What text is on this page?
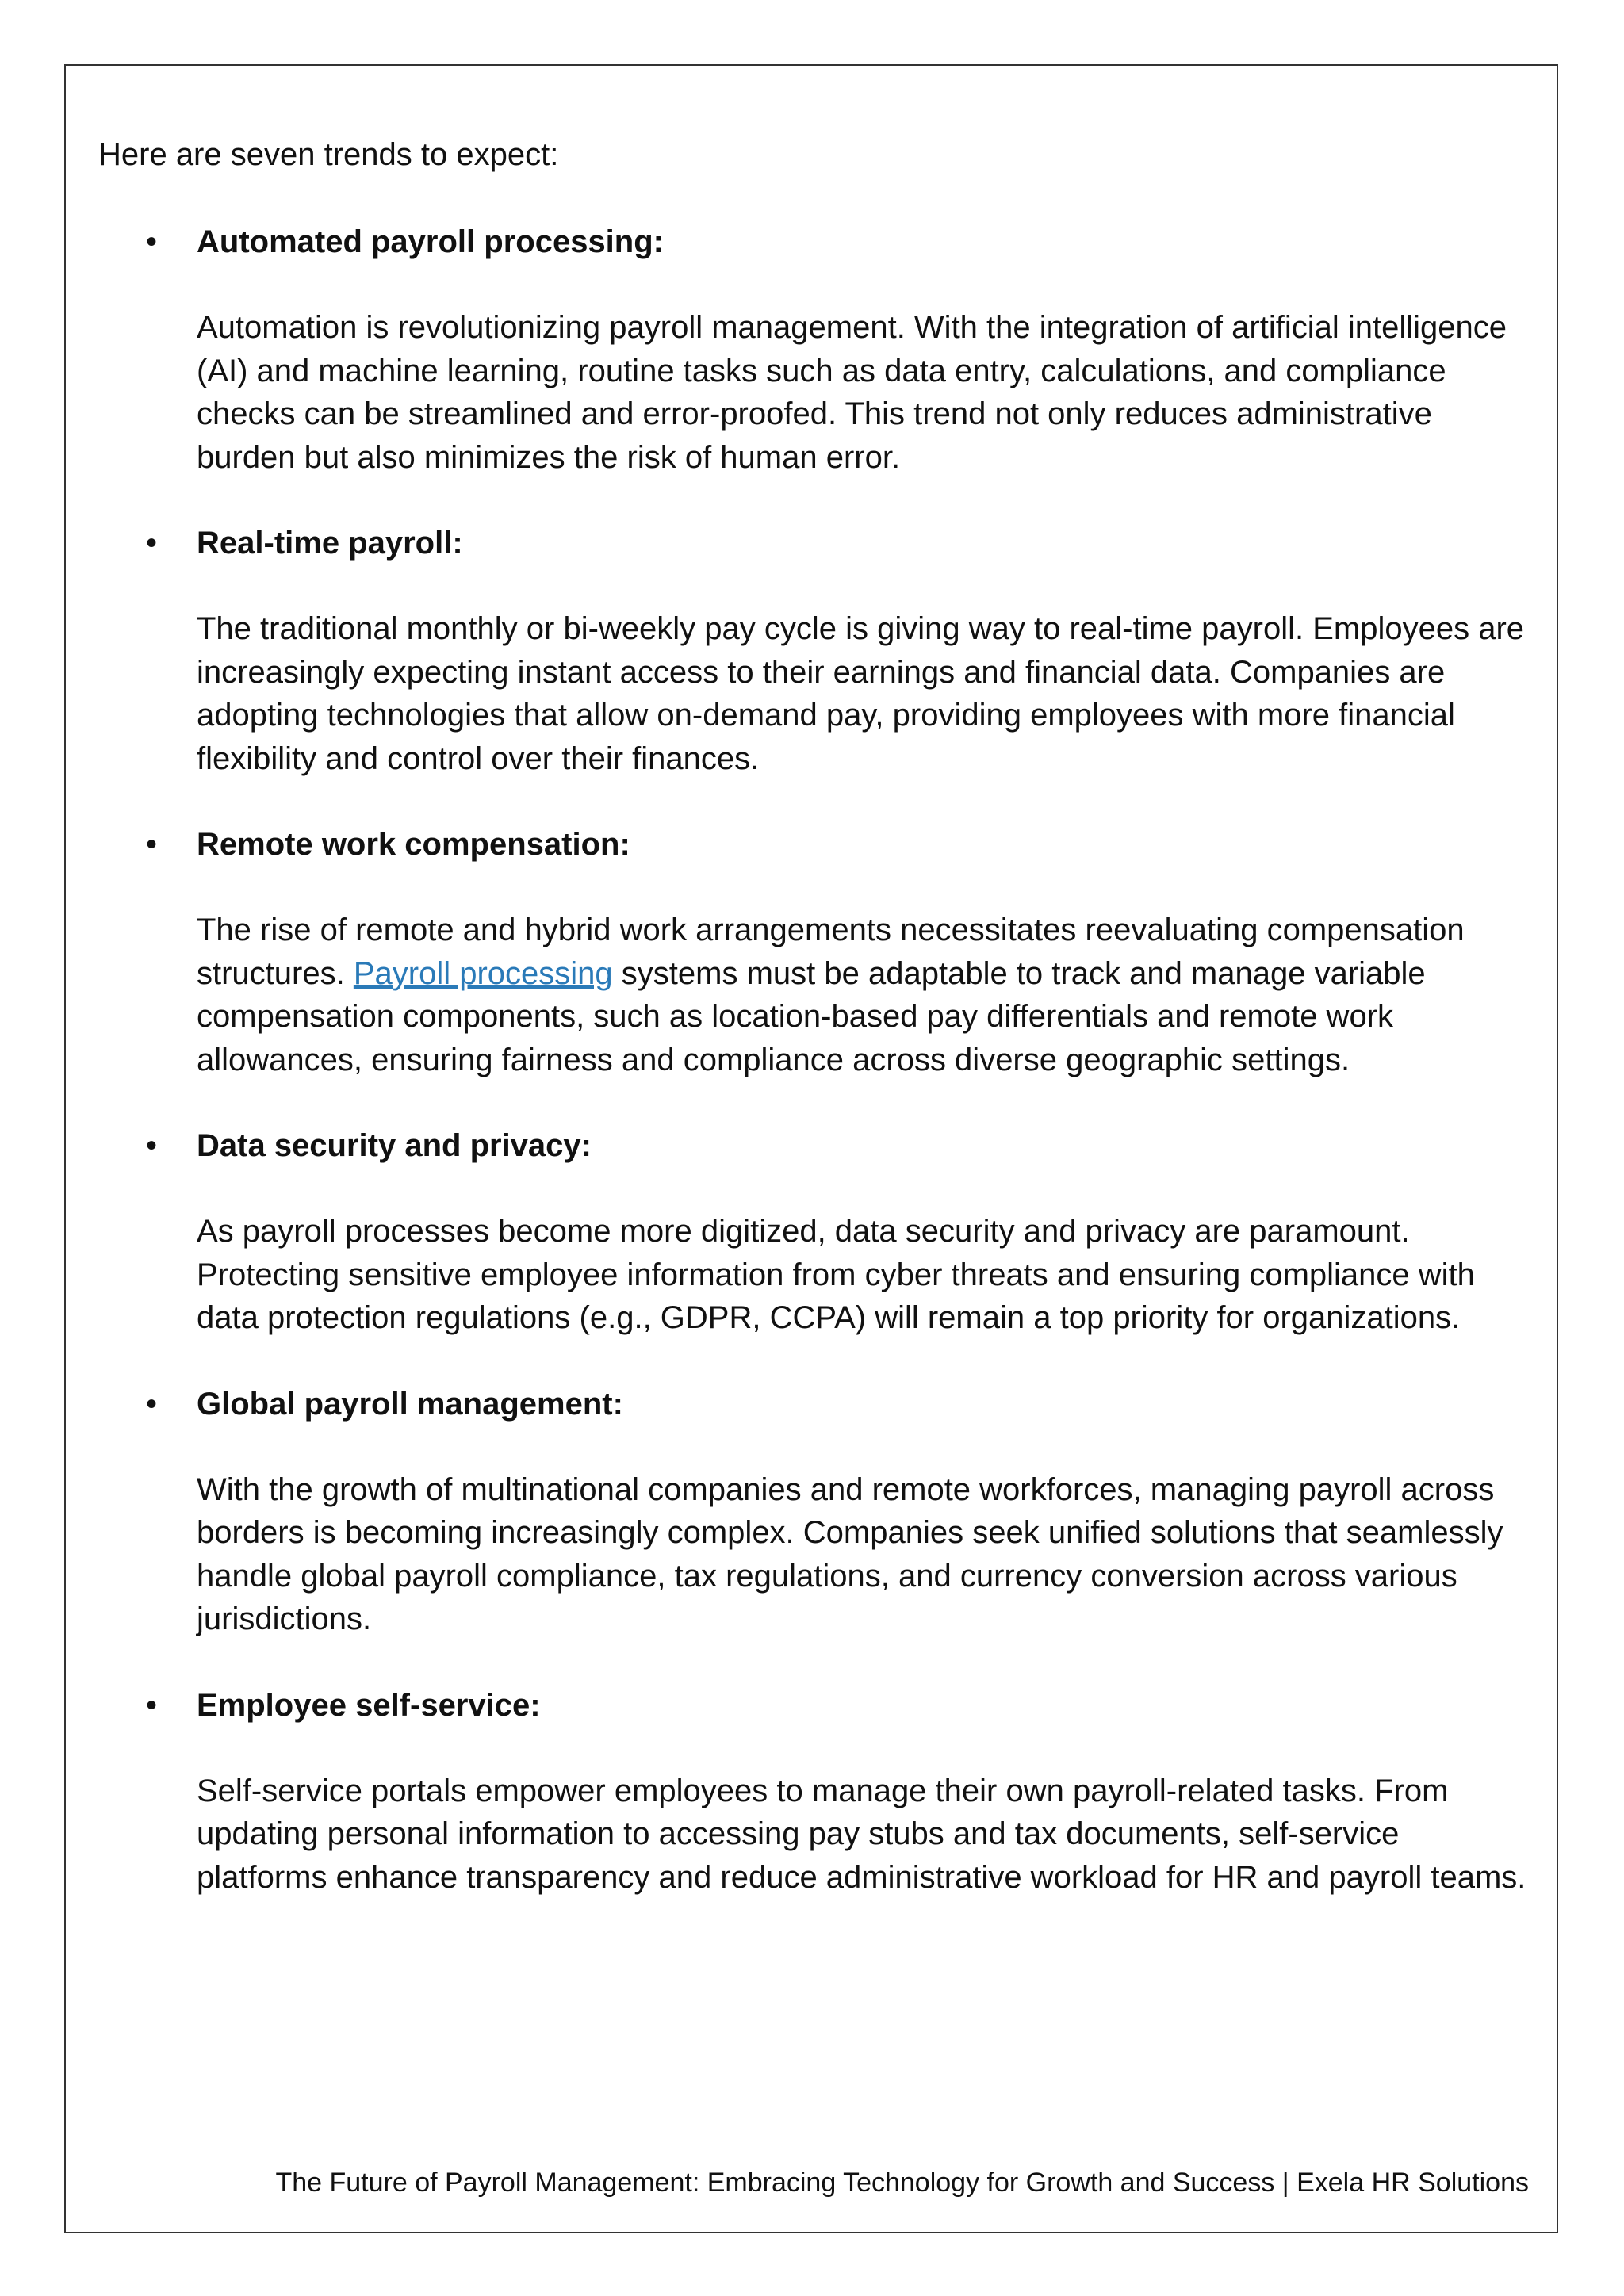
Here are seven trends to expect:

• Automated payroll processing:

Automation is revolutionizing payroll management. With the integration of artificial intelligence (AI) and machine learning, routine tasks such as data entry, calculations, and compliance checks can be streamlined and error-proofed. This trend not only reduces administrative burden but also minimizes the risk of human error.

• Real-time payroll:

The traditional monthly or bi-weekly pay cycle is giving way to real-time payroll. Employees are increasingly expecting instant access to their earnings and financial data. Companies are adopting technologies that allow on-demand pay, providing employees with more financial flexibility and control over their finances.

• Remote work compensation:

The rise of remote and hybrid work arrangements necessitates reevaluating compensation structures. Payroll processing systems must be adaptable to track and manage variable compensation components, such as location-based pay differentials and remote work allowances, ensuring fairness and compliance across diverse geographic settings.

• Data security and privacy:

As payroll processes become more digitized, data security and privacy are paramount. Protecting sensitive employee information from cyber threats and ensuring compliance with data protection regulations (e.g., GDPR, CCPA) will remain a top priority for organizations.

• Global payroll management:

With the growth of multinational companies and remote workforces, managing payroll across borders is becoming increasingly complex. Companies seek unified solutions that seamlessly handle global payroll compliance, tax regulations, and currency conversion across various jurisdictions.

• Employee self-service:

Self-service portals empower employees to manage their own payroll-related tasks. From updating personal information to accessing pay stubs and tax documents, self-service platforms enhance transparency and reduce administrative workload for HR and payroll teams.

The Future of Payroll Management: Embracing Technology for Growth and Success | Exela HR Solutions
